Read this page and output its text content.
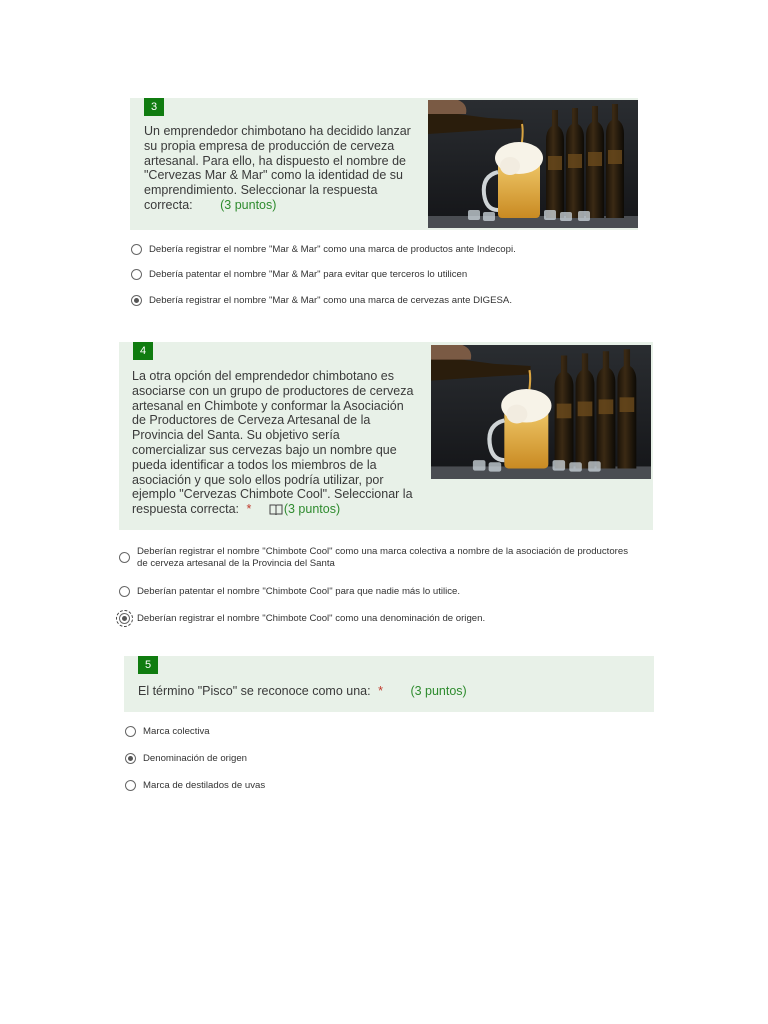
3
Un emprendedor chimbotano ha decidido lanzar su propia empresa de producción de cerveza artesanal. Para ello, ha dispuesto el nombre de "Cervezas Mar & Mar" como la identidad de su emprendimiento. Seleccionar la respuesta correcta: (3 puntos)
Debería registrar el nombre "Mar & Mar" como una marca de productos ante Indecopi.
Debería patentar el nombre "Mar & Mar" para evitar que terceros lo utilicen
Debería registrar el nombre "Mar & Mar" como una marca de cervezas ante DIGESA.
4
La otra opción del emprendedor chimbotano es asociarse con un grupo de productores de cerveza artesanal en Chimbote y conformar la Asociación de Productores de Cerveza Artesanal de la Provincia del Santa. Su objetivo sería comercializar sus cervezas bajo un nombre que pueda identificar a todos los miembros de la asociación y que solo ellos podría utilizar, por ejemplo "Cervezas Chimbote Cool". Seleccionar la respuesta correcta: *	(3 puntos)
Deberían registrar el nombre "Chimbote Cool" como una marca colectiva a nombre de la asociación de productores de cerveza artesanal de la Provincia del Santa
Deberían patentar el nombre "Chimbote Cool" para que nadie más lo utilice.
Deberían registrar el nombre "Chimbote Cool" como una denominación de origen.
5
El término "Pisco" se reconoce como una: * (3 puntos)
Marca colectiva
Denominación de origen
Marca de destilados de uvas
